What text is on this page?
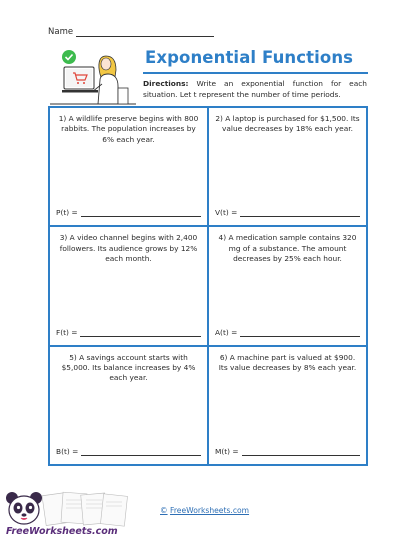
Name
Exponential Functions
Directions: Write an exponential function for each situation. Let t represent the number of time periods.
1) A wildlife preserve begins with 800 rabbits. The population increases by 6% each year.
P(t) =
2) A laptop is purchased for $1,500. Its value decreases by 18% each year.
V(t) =
3) A video channel begins with 2,400 followers. Its audience grows by 12% each month.
F(t) =
4) A medication sample contains 320 mg of a substance. The amount decreases by 25% each hour.
A(t) =
5) A savings account starts with $5,000. Its balance increases by 4% each year.
B(t) =
6) A machine part is valued at $900. Its value decreases by 8% each year.
M(t) =
FreeWorksheets.com
© FreeWorksheets.com
